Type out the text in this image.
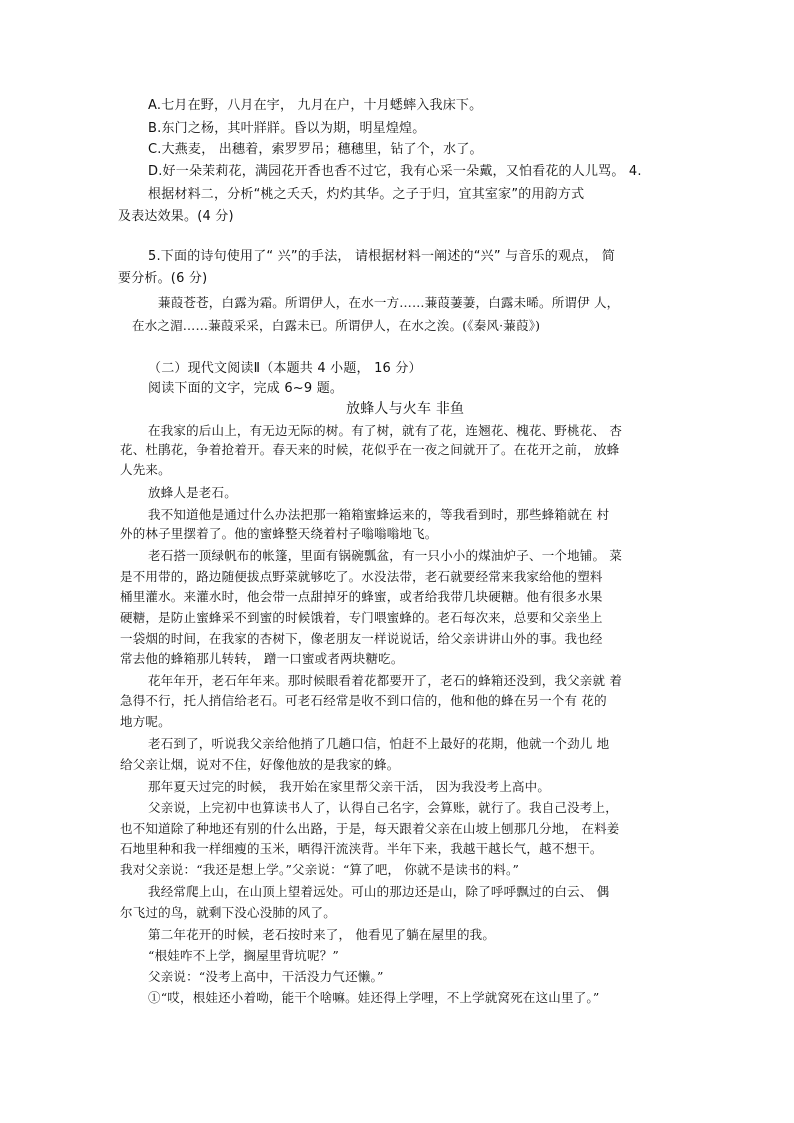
A.七月在野，八月在宇， 九月在户，十月蟋蟀入我床下。
B.东门之杨，其叶牂牂。昏以为期，明星煌煌。
C.大燕麦， 出穗着，索罗罗吊；穗穗里，钻了个，水了。
D.好一朵茉莉花，满园花开香也香不过它，我有心采一朵戴，又怕看花的人儿骂。 4.
根据材料二，分析“桃之夭夭，灼灼其华。之子于归，宜其室家”的用韵方式
及表达效果。(4 分)
5.下面的诗句使用了“ 兴”的手法， 请根据材料一阐述的“兴” 与音乐的观点， 简
要分析。(6 分)
蒹葭苍苍，白露为霜。所谓伊人，在水一方……蒹葭萋萋，白露未晞。所谓伊 人，
在水之湄……蒹葭采采，白露未已。所谓伊人，在水之涘。(《秦风·蒹葭》)
（二）现代文阅读Ⅱ（本题共 4 小题， 16 分）
阅读下面的文字，完成 6~9 题。
放蜂人与火车 非鱼
在我家的后山上，有无边无际的树。有了树，就有了花，连翘花、槐花、野桃花、 杏
花、杜鹃花，争着抢着开。春天来的时候，花似乎在一夜之间就开了。在花开之前， 放蜂
人先来。
放蜂人是老石。
我不知道他是通过什么办法把那一箱箱蜜蜂运来的，等我看到时，那些蜂箱就在 村
外的林子里摆着了。他的蜜蜂整天绕着村子嗡嗡嗡地飞。
老石搭一顶绿帆布的帐篷，里面有锅碗瓢盆，有一只小小的煤油炉子、一个地铺。 菜
是不用带的，路边随便拔点野菜就够吃了。水没法带，老石就要经常来我家给他的塑料
桶里灌水。来灌水时，他会带一点甜掉牙的蜂蜜，或者给我带几块硬糖。他有很多水果
硬糖，是防止蜜蜂采不到蜜的时候饿着，专门喂蜜蜂的。老石每次来，总要和父亲坐上
一袋烟的时间，在我家的杏树下，像老朋友一样说说话，给父亲讲讲山外的事。我也经
常去他的蜂箱那儿转转， 蹭一口蜜或者两块糖吃。
花年年开，老石年年来。那时候眼看着花都要开了，老石的蜂箱还没到，我父亲就 着
急得不行，托人捎信给老石。可老石经常是收不到口信的，他和他的蜂在另一个有 花的
地方呢。
老石到了，听说我父亲给他捎了几趟口信，怕赶不上最好的花期，他就一个劲儿 地
给父亲让烟，说对不住，好像他放的是我家的蜂。
那年夏天过完的时候， 我开始在家里帮父亲干活， 因为我没考上高中。
父亲说，上完初中也算读书人了，认得自己名字，会算账，就行了。我自己没考上，
也不知道除了种地还有别的什么出路，于是，每天跟着父亲在山坡上刨那几分地， 在料姜
石地里种和我一样细瘦的玉米，晒得汗流浃背。半年下来，我越干越长气，越不想干。
我对父亲说：“我还是想上学。”父亲说：“算了吧， 你就不是读书的料。”
我经常爬上山，在山顶上望着远处。可山的那边还是山，除了呼呼飘过的白云、 偶
尔飞过的鸟，就剩下没心没肺的风了。
第二年花开的时候，老石按时来了， 他看见了躺在屋里的我。
“根娃咋不上学，搁屋里背坑呢？”
父亲说：“没考上高中，干活没力气还懒。”
①“哎，根娃还小着呦，能干个啥嘛。娃还得上学哩，不上学就窝死在这山里了。”
